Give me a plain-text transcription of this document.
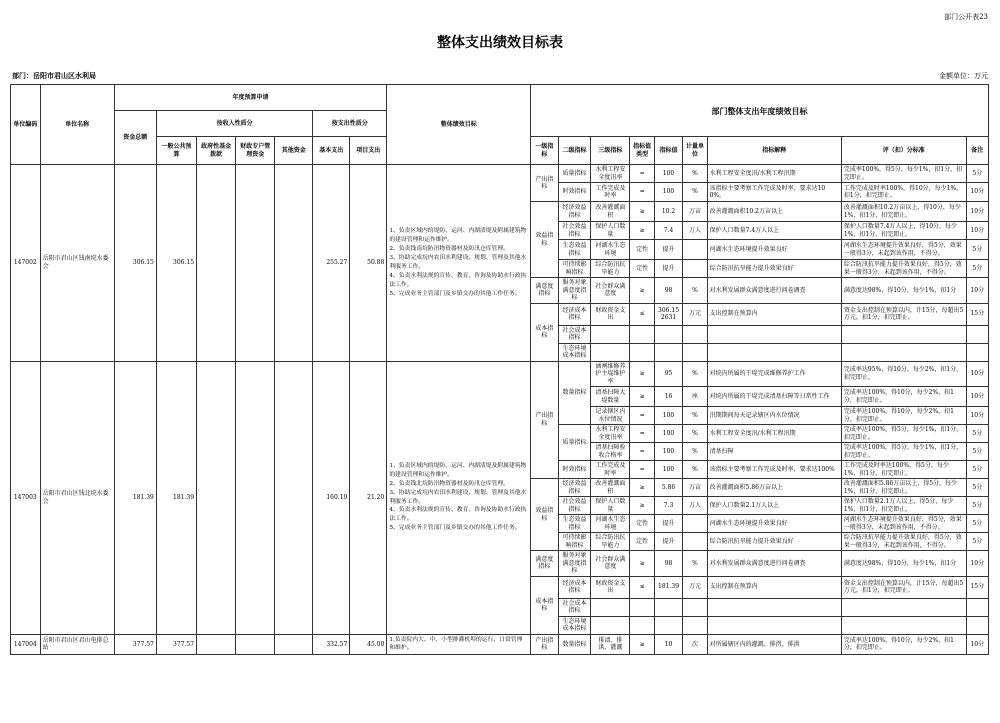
部门公开表23
整体支出绩效目标表
部门：岳阳市君山区水利局	金额单位：万元
单位编码	单位名称	年度预算申请							整体绩效目标	部门整体支出年度绩效目标								
		资金总额	按收入性质分				按支出性质分											
			一般公共预算	政府性基金拨款	财政专户管理资金	其他资金	基本支出	项目支出		一级指标	二级指标	三级指标	指标值类型	指标值	计量单位	指标解释	评（扣）分标准	备注
147002	岳阳市君山区钱南垸水委会	306.15	306.15				255.27	50.88	1、负责区域内的堤防、运河、内湖渍堤及附属建筑物的建设管理和运作维护。
2、负责钱南垸防汛物资器材及防汛仓库管理。
3、协助完成垸内农田水利建设、规划、管理及其他水利服务工作。
4、负责水利法规的宣传、教育、咨询及协助水行政执法工作。
5、完成业务主管部门及乡镇交办的其他工作任务。	产出指标	质量指标	水利工程安全度汛率	=	100	%	水利工程安全度汛/水利工程汛期	完成率100%，得5分，每少1%，扣1分，扣完即止。	5分
											时效指标	工作完成及时率	=	100	%	该指标主要考察工作完成及时率，要求达100%。	工作完成及时率100%，得10分，每少1%，扣1分，扣完即止。	10分
										效益指标	经济效益指标	改善灌溉面积	≥	10.2	万亩	改善灌溉面积10.2万亩以上	改善灌溉面积10.2万亩以上，得10分，每少1%，扣1分，扣完即止。	10分
											社会效益指标	保护人口数量	≥	7.4	万人	保护人口数量7.4万人以上	保护人口数量7.4万人以上，得10分，每少1%，扣1分，扣完即止。	10分
											生态效益指标	河湖水生态环境	定性	提升		河湖水生态环境提升效果良好	河湖水生态环境提升效果良好，得5分，效果一般得3分，未起到该作用，不得分。	5分
											可持续影响指标	综合防汛抗旱能力	定性	提升		综合防汛抗旱能力提升效果良好	综合防汛抗旱能力提升效果良好，得5分，效果一般得3分，未起到该作用，不得分。	5分
										满意度指标	服务对象满意度指标	社会群众满意度	≥	98	%	对水利发展群众满意度进行问卷调查	满意度达98%，得10分，每少1%，扣1分	10分
										成本指标	经济成本指标	财政资金支出	≤	306.152631	万元	支出控制在预算内	资金支出控制在预算以内，计15分，每超出5万元，扣1分，扣完即止。	15分
											社会成本指标							
											生态环境成本指标							
147003	岳阳市君山区钱北垸水委会	181.39	181.39				160.19	21.20	1、负责区域内的堤防、运河、内湖渍堤及附属建筑物的建设管理和运作维护。
2、负责钱北垸防汛物资器材及防汛仓库管理。
3、协助完成垸内农田水利建设、规划、管理及其他水利服务工作。
4、负责水利法规的宣传、教育、咨询及协助水行政执法工作。
5、完成业务主管部门及乡镇交办的其他工作任务。	产出指标	数量指标	涵闸维修养护主堤维护率	≥	95	%	对垸内所属的干堤完成维修养护工作	完成率达95%，得10分，每少2%，扣1分，扣完即止。	10分
												清基扫障大堤数量	≥	16	座	对垸内所属的干堤完成清基扫障等日常性工作	完成率达100%，得10分，每少2%，扣1分，扣完即止。	10分
												记录辖区内水位情况	=	100	%	汛期期间每天记录辖区内水位情况	完成率达100%，得10分，每少2%，扣1分，扣完即止。	10分
											质量指标	水利工程安全度汛率	=	100	%	水利工程安全度汛/水利工程汛期	完成率达100%，得5分，每少1%，扣1分，扣完即止。	5分
												清基扫障验收合格率	=	100	%	清基扫障	完成率达100%，得5分，每少1%，扣1分，扣完即止。	5分
											时效指标	工作完成及时率	=	100	%	该指标主要考察工作完成及时率，要求达100%	工作完成及时率达100%，得5分，每少1%，扣1分，扣完即止。	5分
										效益指标	经济效益指标	改善灌溉面积	≥	5.86	万亩	改善灌溉面积5.86万亩以上	改善灌溉面积5.86万亩以上，得5分，每少1%，扣1分，扣完即止。	5分
											社会效益指标	保护人口数量	≥	7.3	万人	保护人口数量2.1万人以上	保护人口数量2.1万人以上，得5分，每少1%，扣1分，扣完即止。	5分
											生态效益指标	河湖水生态环境	定性	提升		河湖水生态环境提升效果良好	河湖水生态环境提升效果良好，得5分，效果一般得3分，未起到该作用，不得分。	5分
											可持续影响指标	综合防汛抗旱能力	定性	提升		综合防汛抗旱能力提升效果良好	综合防汛抗旱能力提升效果良好，得5分，效果一般得3分，未起到该作用，不得分。	5分
										满意度指标	服务对象满意度指标	社会群众满意度	≥	98	%	对水利发展群众满意度进行问卷调查	满意度达98%，得10分，每少1%，扣1分	10分
										成本指标	经济成本指标	财政资金支出	≤	181.39	万元	支出控制在预算内	资金支出控制在预算以内，计15分，每超出5万元，扣1分，扣完即止。	15分
											社会成本指标							
											生态环境成本指标							
147004	岳阳市君山区君山电排总站	377.57	377.57				332.57	45.00	1.负责院内大、中、小型排灌机埠的运行、日常管理和维护。	产出指标	数量指标	排渍、排洪、灌溉	≥	10	次	对所属辖区内的灌溉、排涝、排洪	完成率达100%，得10分，每少2%，扣1分，扣完即止。	10分
